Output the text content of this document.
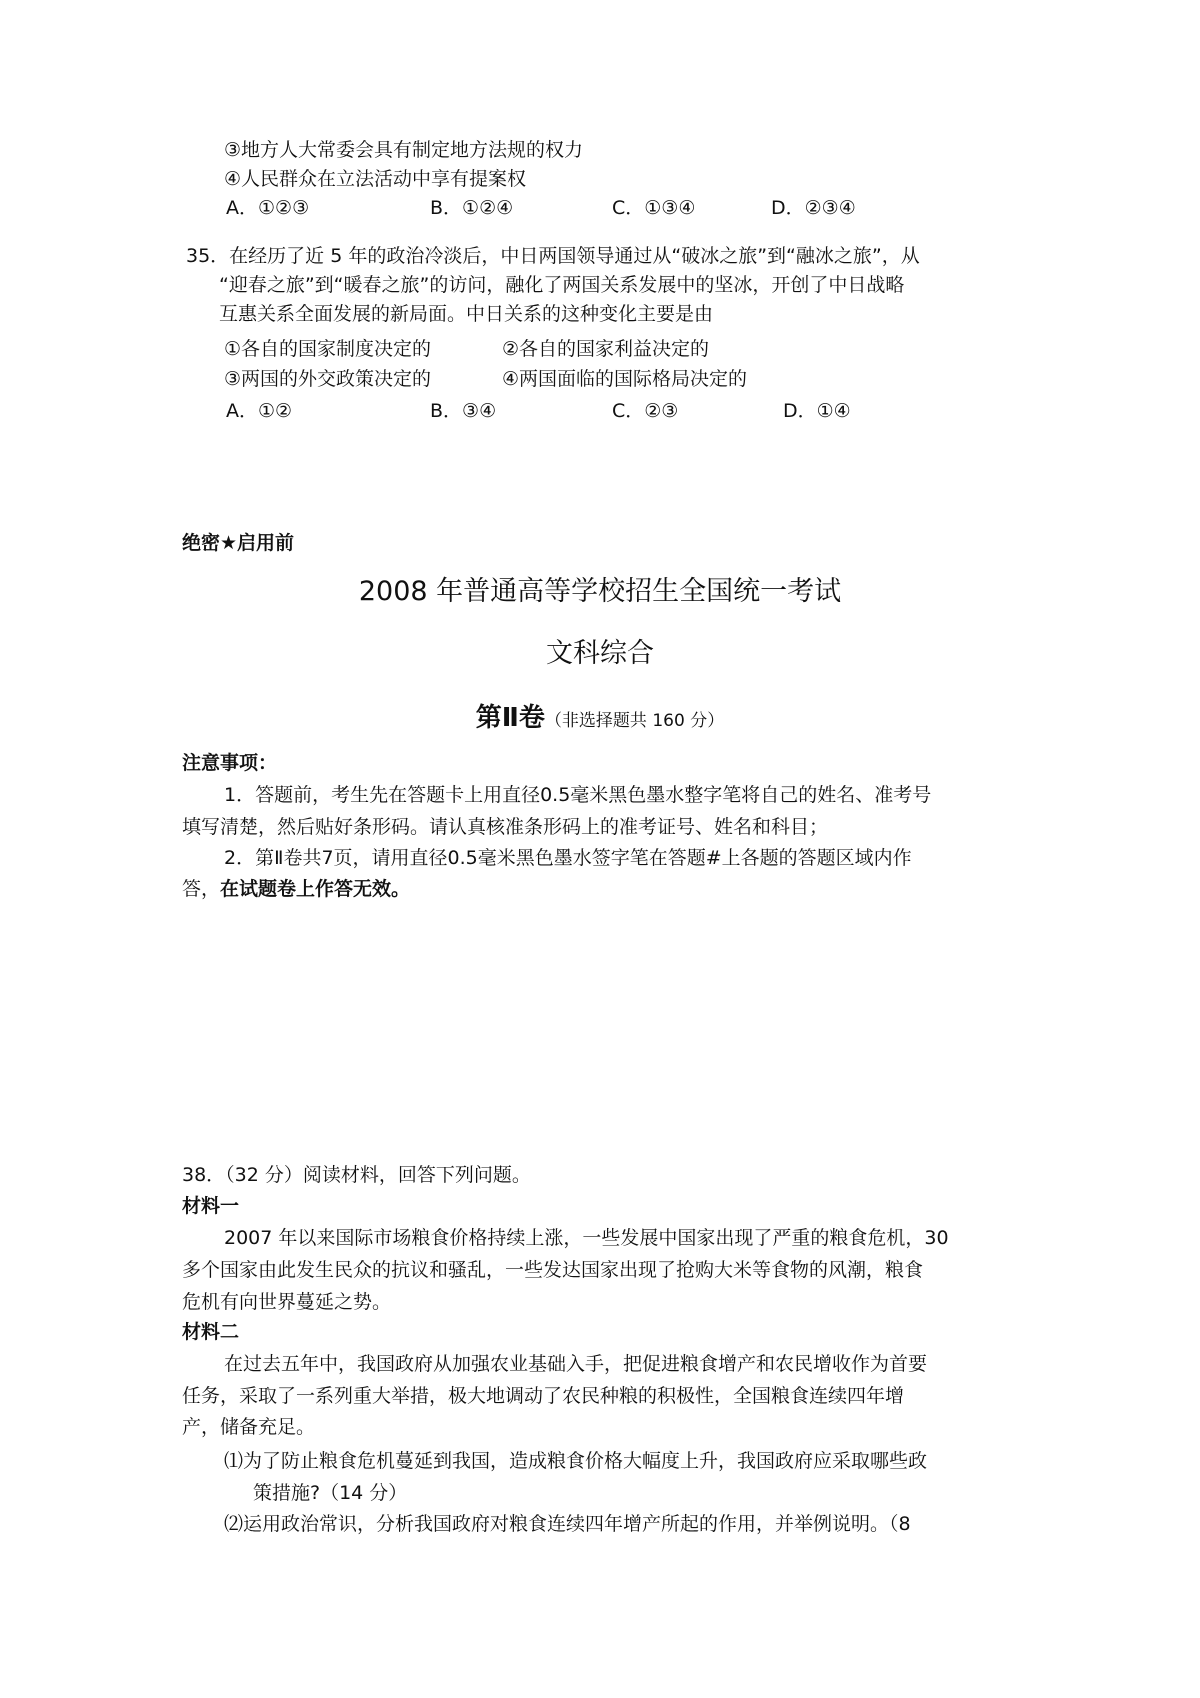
③地方人大常委会具有制定地方法规的权力
④人民群众在立法活动中享有提案权
A．①②③	B．①②④	C．①③④	D．②③④
35．在经历了近 5 年的政治冷淡后，中日两国领导通过从“破冰之旅”到“融冰之旅”，从
“迎春之旅”到“暖春之旅”的访问，融化了两国关系发展中的坚冰，开创了中日战略
互惠关系全面发展的新局面。中日关系的这种变化主要是由
①各自的国家制度决定的	②各自的国家利益决定的
③两国的外交政策决定的	④两国面临的国际格局决定的
A．①②	B．③④	C．②③	D．①④
绝密★启用前
2008 年普通高等学校招生全国统一考试
文科综合
第Ⅱ卷（非选择题共 160 分）
注意事项：
1．答题前，考生先在答题卡上用直径0.5毫米黑色墨水整字笔将自己的姓名、准考号
填写清楚，然后贴好条形码。请认真核准条形码上的准考证号、姓名和科目；
2．第Ⅱ卷共7页，请用直径0.5毫米黑色墨水签字笔在答题#上各题的答题区域内作
答，在试题卷上作答无效。
38．（32 分）阅读材料，回答下列问题。
材料一
2007 年以来国际市场粮食价格持续上涨，一些发展中国家出现了严重的粮食危机，30
多个国家由此发生民众的抗议和骚乱，一些发达国家出现了抢购大米等食物的风潮，粮食
危机有向世界蔓延之势。
材料二
在过去五年中，我国政府从加强农业基础入手，把促进粮食增产和农民增收作为首要
任务，采取了一系列重大举措，极大地调动了农民种粮的积极性，全国粮食连续四年增
产，储备充足。
⑴为了防止粮食危机蔓延到我国，造成粮食价格大幅度上升，我国政府应采取哪些政
策措施?（14 分）
⑵运用政治常识，分析我国政府对粮食连续四年增产所起的作用，并举例说明。（8
